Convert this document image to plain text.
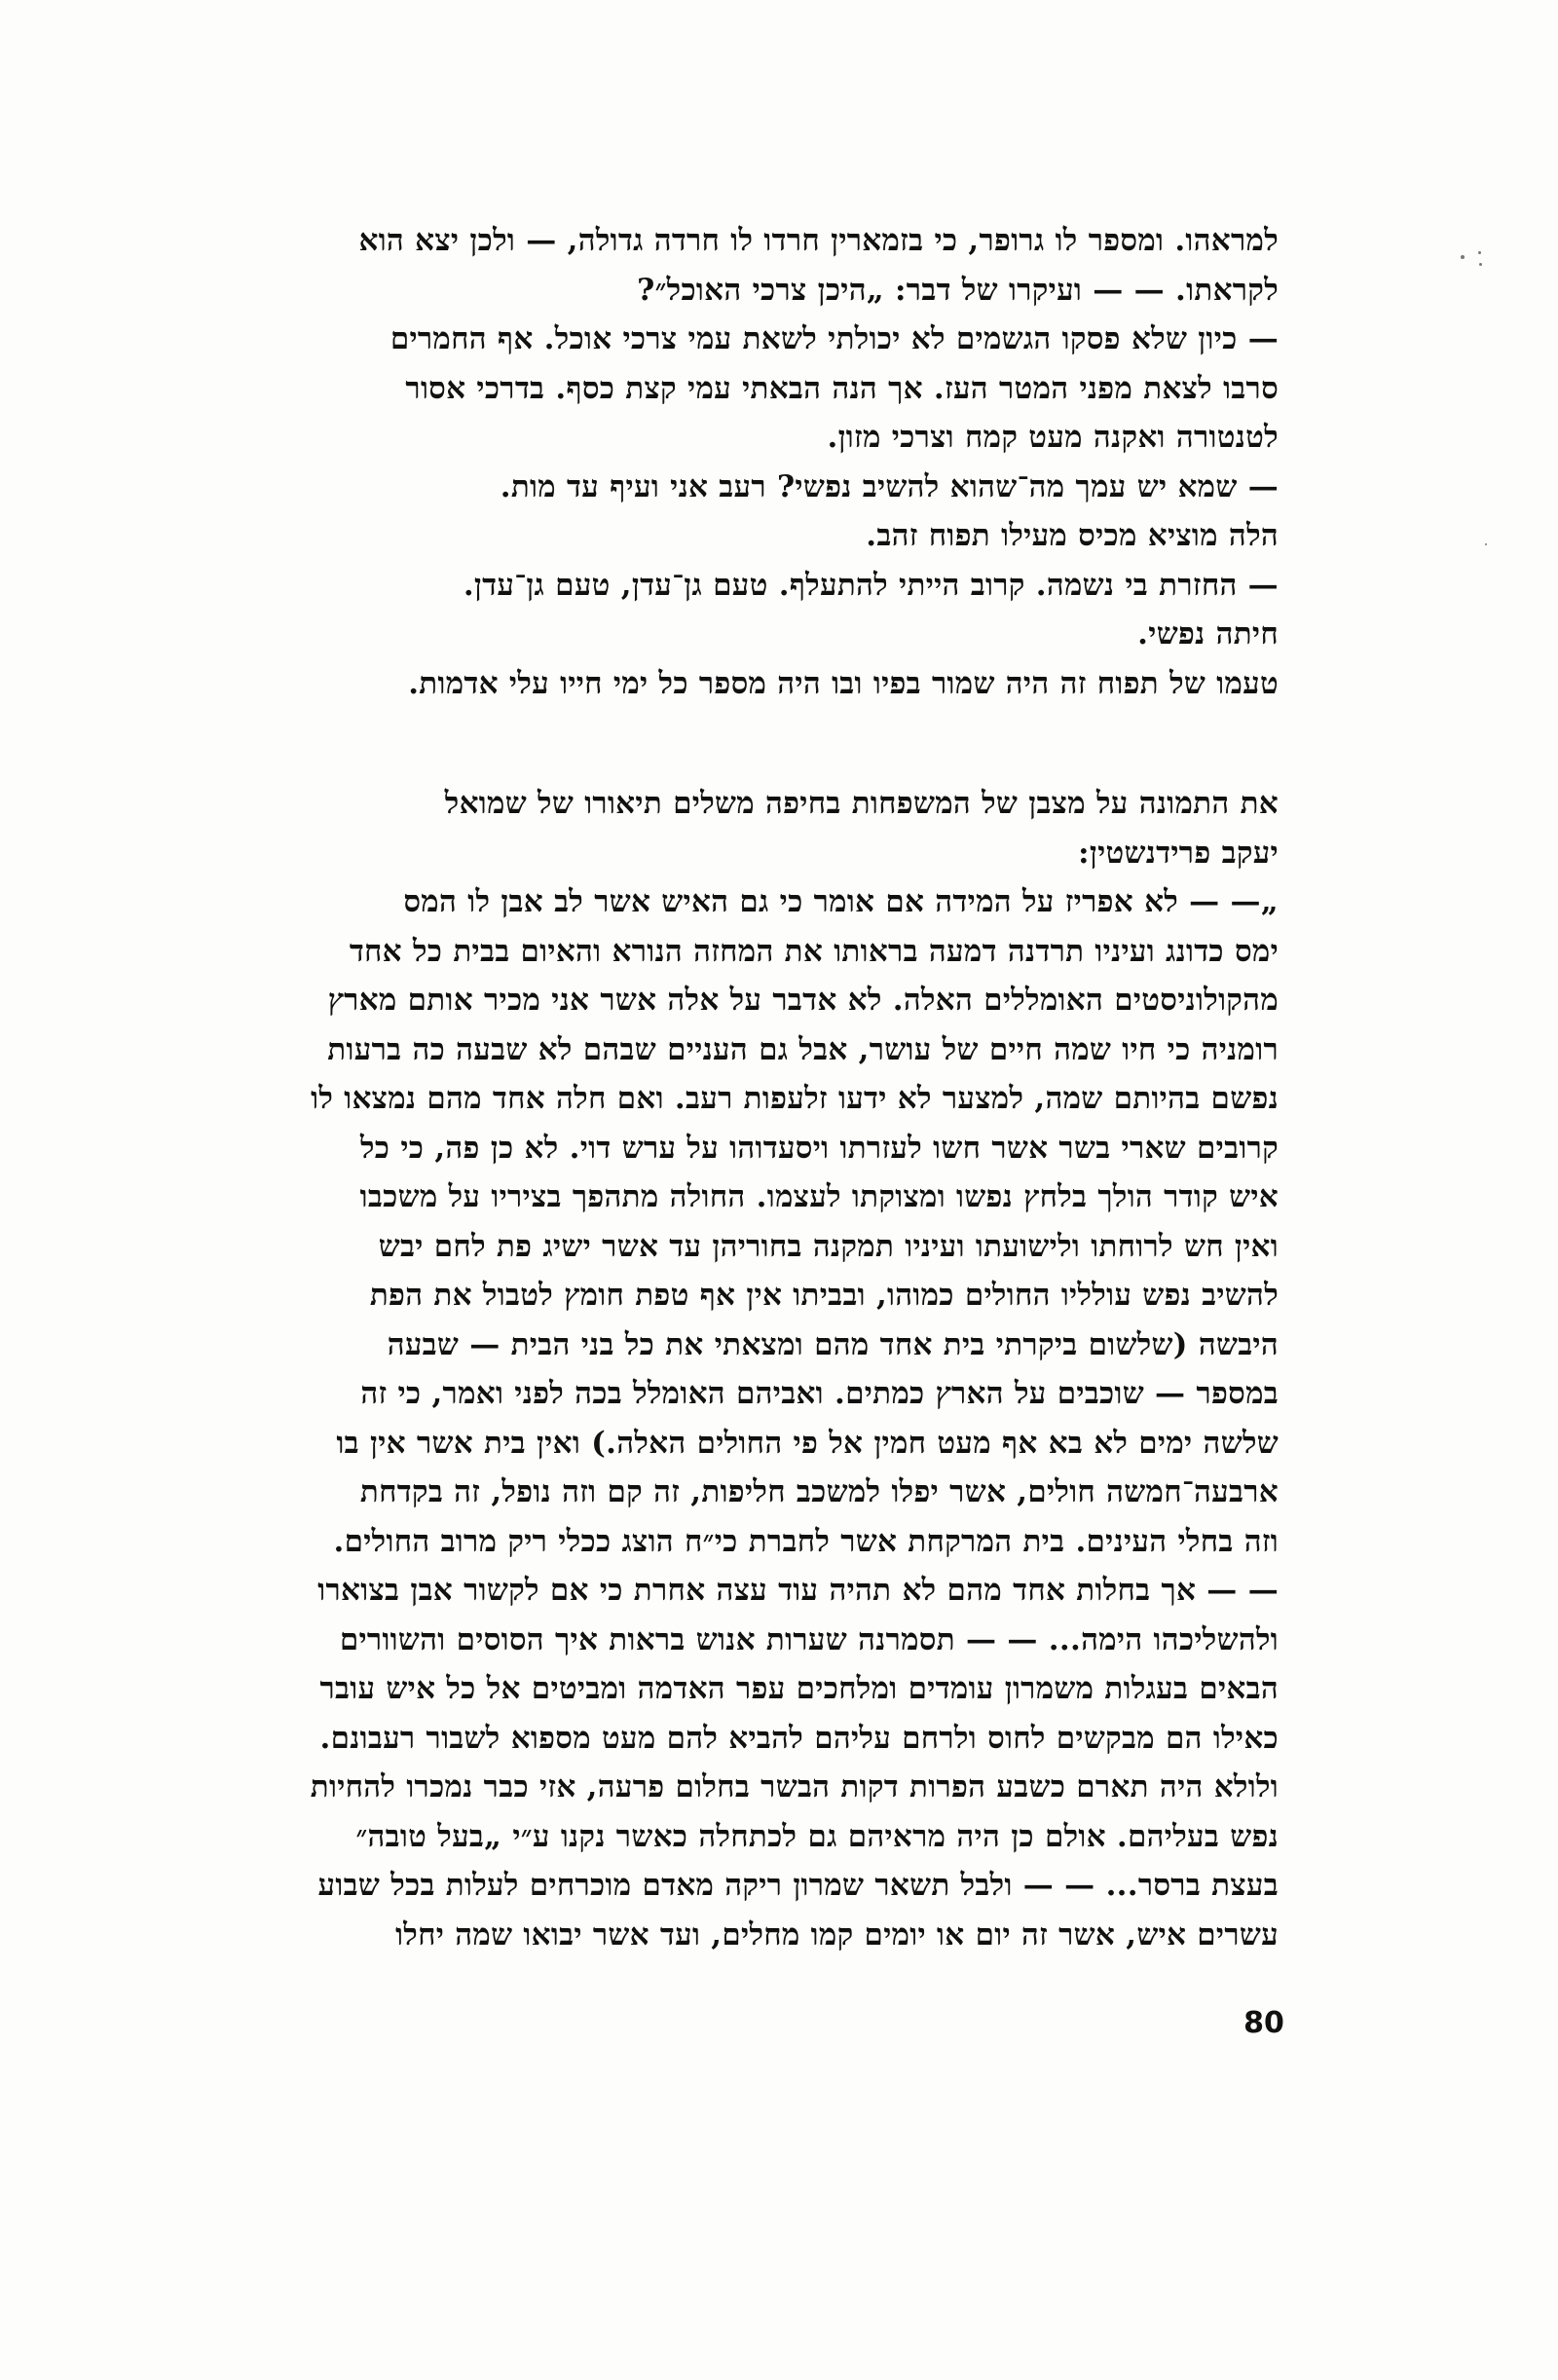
למראהו. ומספר לו גרופר, כי בזמארין חרדו לו חרדה גדולה, — ולכן יצא הוא
לקראתו. — — ועיקרו של דבר: „היכן צרכי האוכל״?
— כיון שלא פסקו הגשמים לא יכולתי לשאת עמי צרכי אוכל. אף החמרים
סרבו לצאת מפני המטר העז. אך הנה הבאתי עמי קצת כסף. בדרכי אסור
לטנטורה ואקנה מעט קמח וצרכי מזון.
— שמא יש עמך מה־שהוא להשיב נפשי? רעב אני ועיף עד מות.
הלה מוציא מכיס מעילו תפוח זהב.
— החזרת בי נשמה. קרוב הייתי להתעלף. טעם גן־עדן, טעם גן־עדן.
חיתה נפשי.
טעמו של תפוח זה היה שמור בפיו ובו היה מספר כל ימי חייו עלי אדמות.
את התמונה על מצבן של המשפחות בחיפה משלים תיאורו של שמואל
יעקב פרידנשטין:
„— — לא אפריז על המידה אם אומר כי גם האיש אשר לב אבן לו המס
ימס כדונג ועיניו תרדנה דמעה בראותו את המחזה הנורא והאיום בבית כל אחד
מהקולוניסטים האומללים האלה. לא אדבר על אלה אשר אני מכיר אותם מארץ
רומניה כי חיו שמה חיים של עושר, אבל גם העניים שבהם לא שבעה כה ברעות
נפשם בהיותם שמה, למצער לא ידעו זלעפות רעב. ואם חלה אחד מהם נמצאו לו
קרובים שארי בשר אשר חשו לעזרתו ויסעדוהו על ערש דוי. לא כן פה, כי כל
איש קודר הולך בלחץ נפשו ומצוקתו לעצמו. החולה מתהפך בציריו על משכבו
ואין חש לרוחתו ולישועתו ועיניו תמקנה בחוריהן עד אשר ישיג פת לחם יבש
להשיב נפש עולליו החולים כמוהו, ובביתו אין אף טפת חומץ לטבול את הפת
היבשה (שלשום ביקרתי בית אחד מהם ומצאתי את כל בני הבית — שבעה
במספר — שוכבים על הארץ כמתים. ואביהם האומלל בכה לפני ואמר, כי זה
שלשה ימים לא בא אף מעט חמין אל פי החולים האלה.) ואין בית אשר אין בו
ארבעה־חמשה חולים, אשר יפלו למשכב חליפות, זה קם וזה נופל, זה בקדחת
וזה בחלי העינים. בית המרקחת אשר לחברת כי״ח הוצג ככלי ריק מרוב החולים.
— — אך בחלות אחד מהם לא תהיה עוד עצה אחרת כי אם לקשור אבן בצוארו
ולהשליכהו הימה... — — תסמרנה שערות אנוש בראות איך הסוסים והשוורים
הבאים בעגלות משמרון עומדים ומלחכים עפר האדמה ומביטים אל כל איש עובר
כאילו הם מבקשים לחוס ולרחם עליהם להביא להם מעט מספוא לשבור רעבונם.
ולולא היה תארם כשבע הפרות דקות הבשר בחלום פרעה, אזי כבר נמכרו להחיות
נפש בעליהם. אולם כן היה מראיהם גם לכתחלה כאשר נקנו ע״י „בעל טובה״
בעצת ברסר... — — ולבל תשאר שמרון ריקה מאדם מוכרחים לעלות בכל שבוע
עשרים איש, אשר זה יום או יומים קמו מחלים, ועד אשר יבואו שמה יחלו
80
